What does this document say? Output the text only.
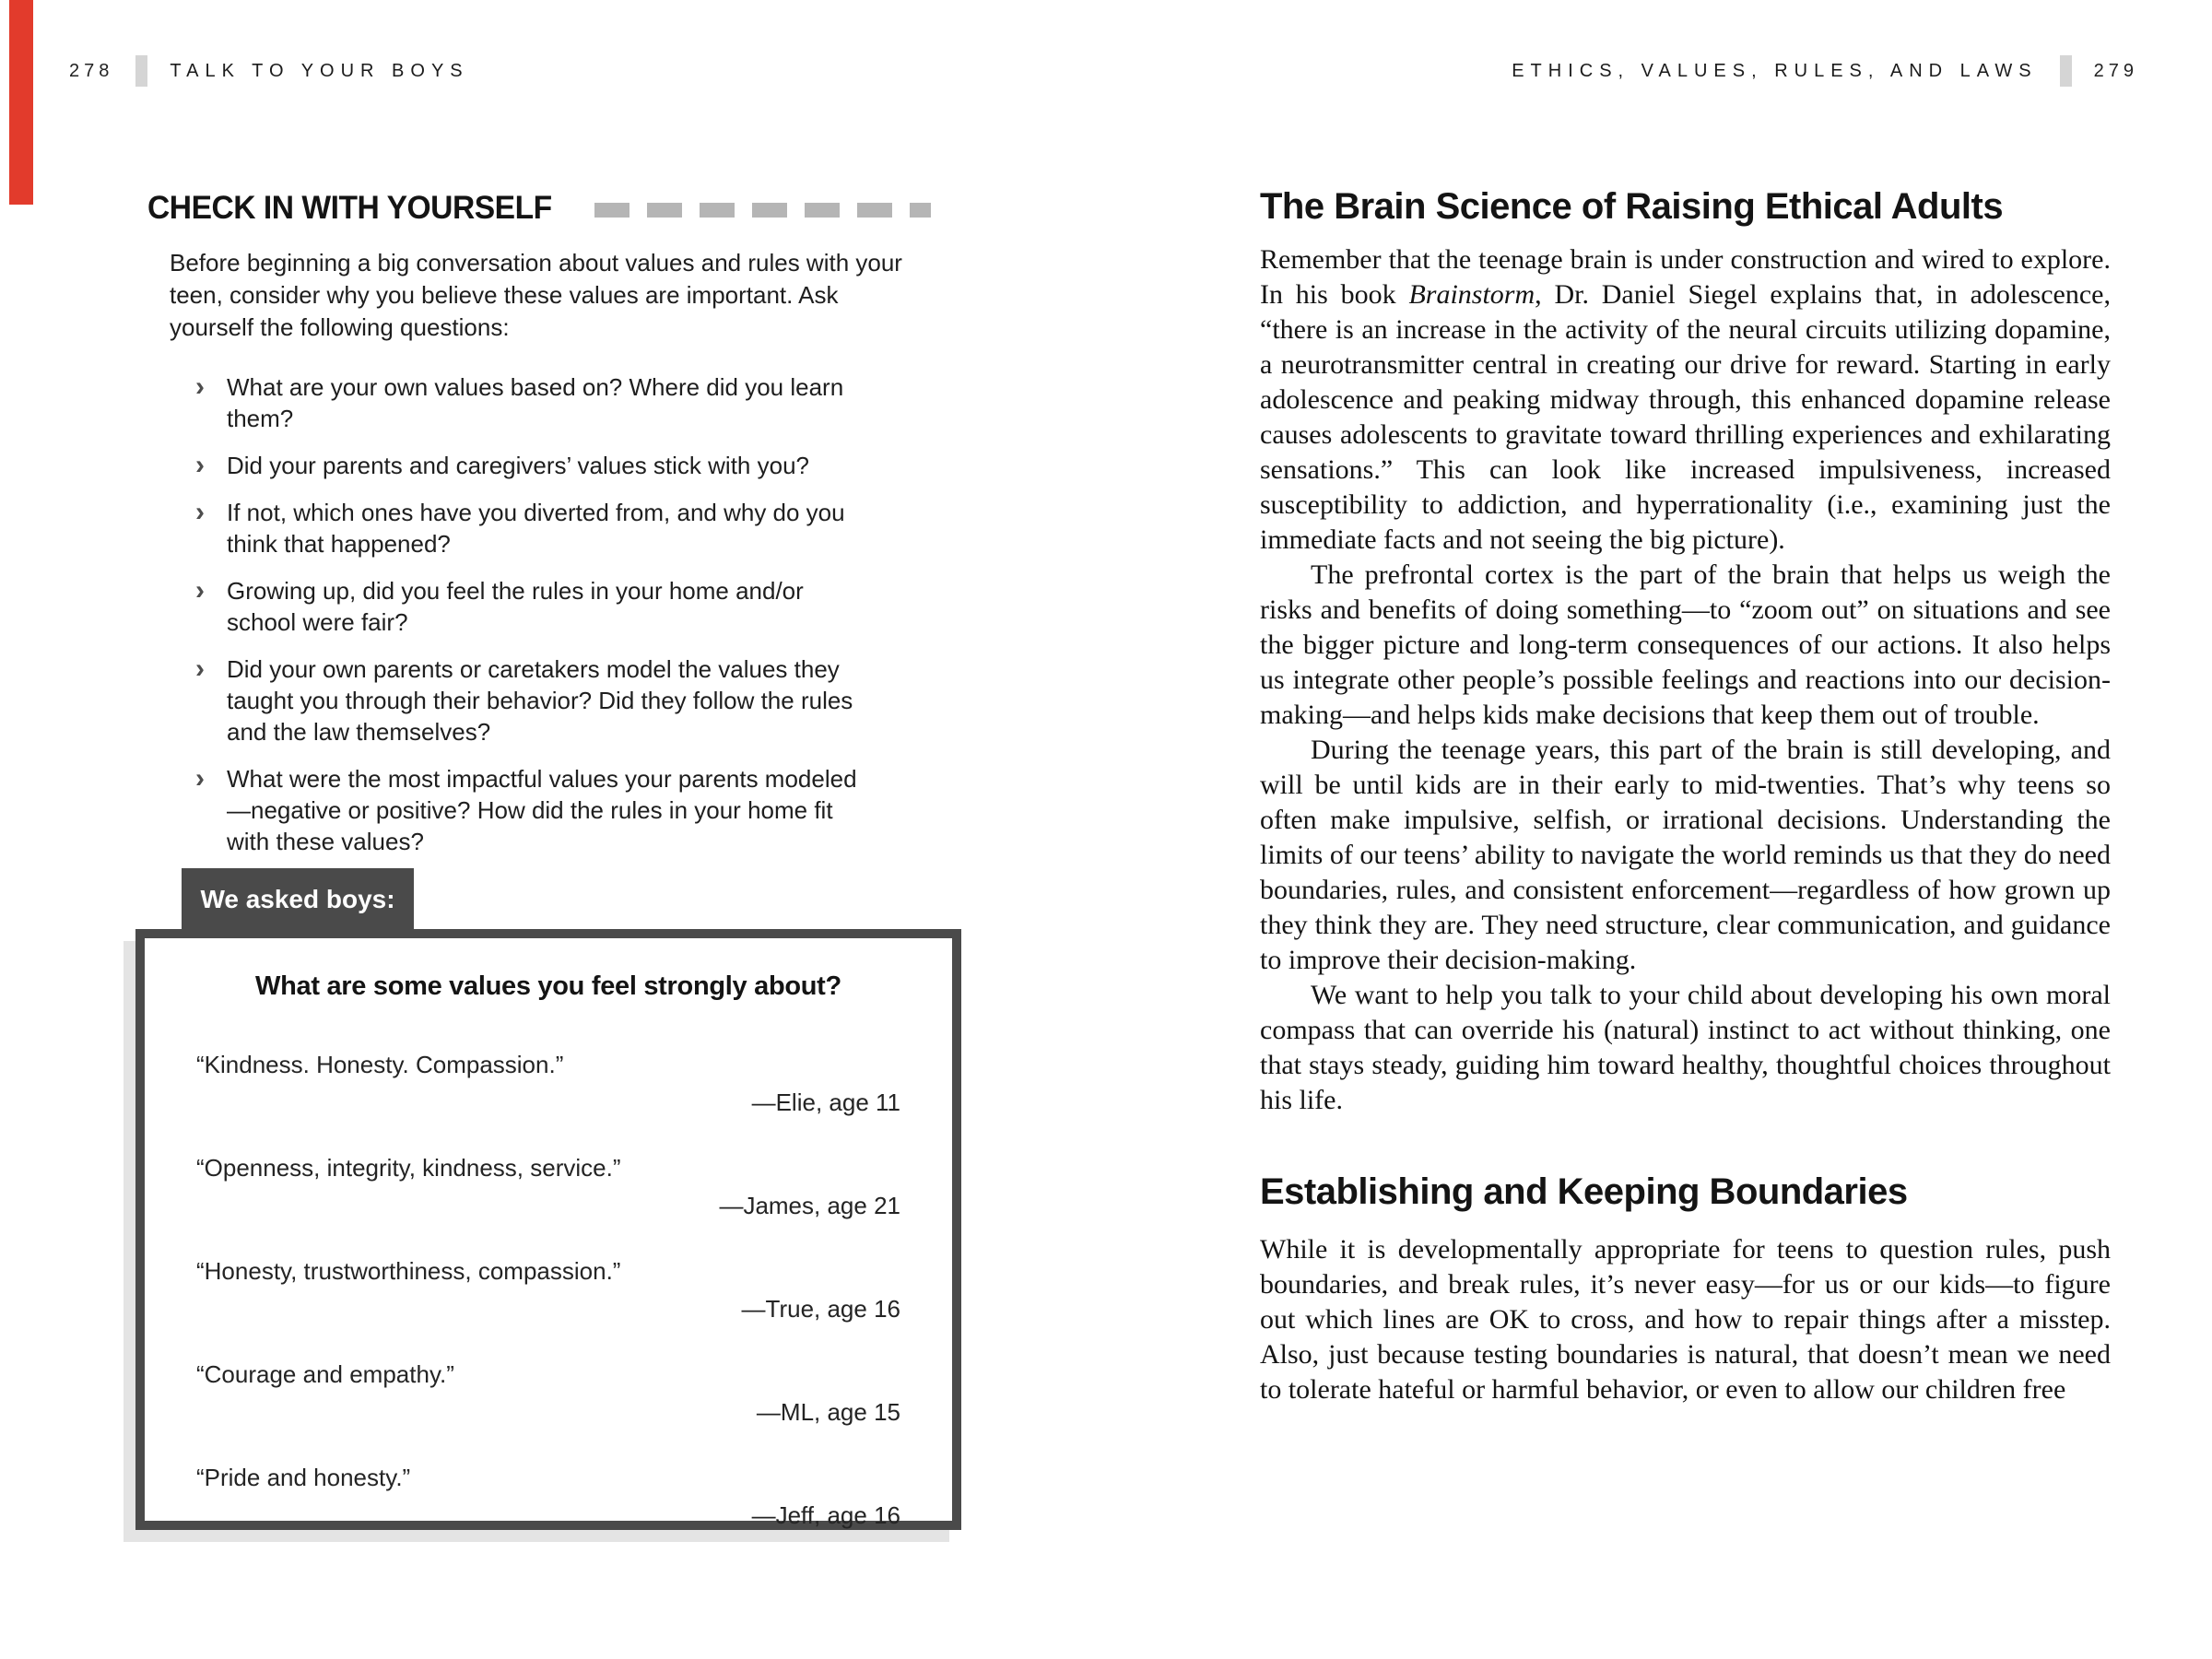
278	TALK TO YOUR BOYS	ETHICS, VALUES, RULES, AND LAWS	279
CHECK IN WITH YOURSELF

Before beginning a big conversation about values and rules with your teen, consider why you believe these values are important. Ask yourself the following questions:

› What are your own values based on? Where did you learn them?
› Did your parents and caregivers’ values stick with you?
› If not, which ones have you diverted from, and why do you think that happened?
› Growing up, did you feel the rules in your home and/or school were fair?
› Did your own parents or caretakers model the values they taught you through their behavior? Did they follow the rules and the law themselves?
› What were the most impactful values your parents modeled—negative or positive? How did the rules in your home fit with these values?
We asked boys:
What are some values you feel strongly about?

“Kindness. Honesty. Compassion.”

—Elie, age 11

“Openness, integrity, kindness, service.”

—James, age 21

“Honesty, trustworthiness, compassion.”

—True, age 16

“Courage and empathy.”

—ML, age 15

“Pride and honesty.”

—Jeff, age 16

The Brain Science of Raising Ethical Adults

Remember that the teenage brain is under construction and wired to explore. In his book Brainstorm, Dr. Daniel Siegel explains that, in adolescence, “there is an increase in the activity of the neural circuits utilizing dopamine, a neurotransmitter central in creating our drive for reward. Starting in early adolescence and peaking midway through, this enhanced dopamine release causes adolescents to gravitate toward thrilling experiences and exhilarating sensations.” This can look like increased impulsiveness, increased susceptibility to addiction, and hyperrationality (i.e., examining just the immediate facts and not seeing the big picture).

The prefrontal cortex is the part of the brain that helps us weigh the risks and benefits of doing something—to “zoom out” on situations and see the bigger picture and long-term consequences of our actions. It also helps us integrate other people’s possible feelings and reactions into our decision-making—and helps kids make decisions that keep them out of trouble.

During the teenage years, this part of the brain is still developing, and will be until kids are in their early to mid-twenties. That’s why teens so often make impulsive, selfish, or irrational decisions. Understanding the limits of our teens’ ability to navigate the world reminds us that they do need boundaries, rules, and consistent enforcement—regardless of how grown up they think they are. They need structure, clear communication, and guidance to improve their decision-making.

We want to help you talk to your child about developing his own moral compass that can override his (natural) instinct to act without thinking, one that stays steady, guiding him toward healthy, thoughtful choices throughout his life.

Establishing and Keeping Boundaries

While it is developmentally appropriate for teens to question rules, push boundaries, and break rules, it’s never easy—for us or our kids—to figure out which lines are OK to cross, and how to repair things after a misstep. Also, just because testing boundaries is natural, that doesn’t mean we need to tolerate hateful or harmful behavior, or even to allow our children free
